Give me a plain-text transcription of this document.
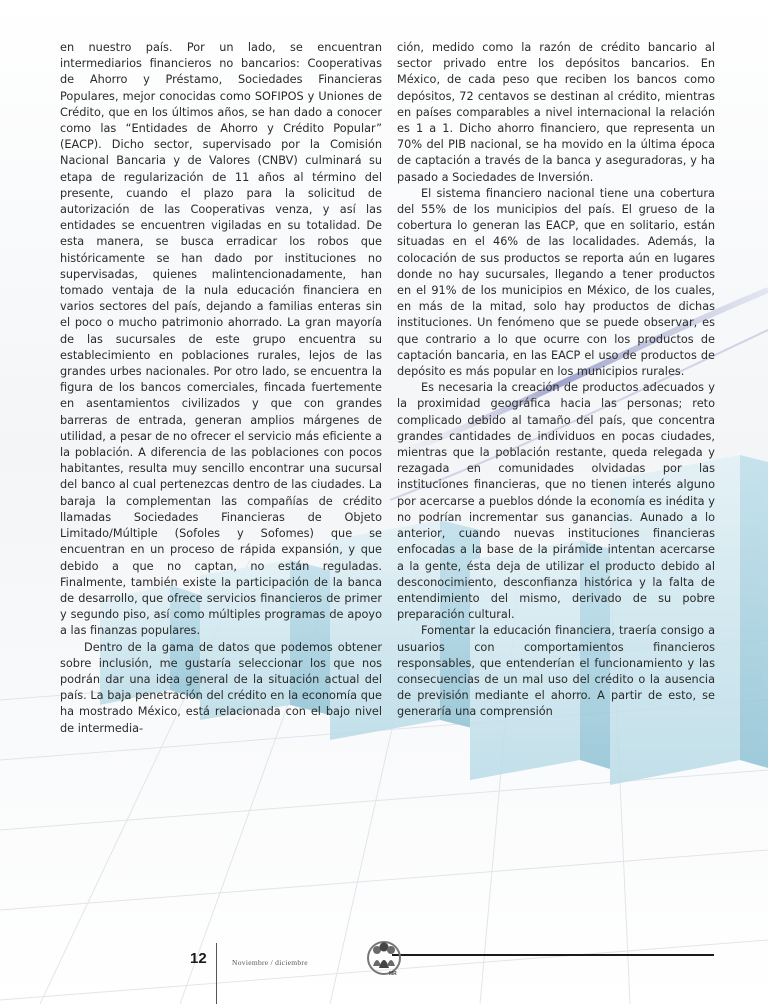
en nuestro país. Por un lado, se encuentran intermediarios financieros no bancarios: Cooperativas de Ahorro y Préstamo, Sociedades Financieras Populares, mejor conocidas como SOFIPOS y Uniones de Crédito, que en los últimos años, se han dado a conocer como las “Entidades de Ahorro y Crédito Popular” (EACP). Dicho sector, supervisado por la Comisión Nacional Bancaria y de Valores (CNBV) culminará su etapa de regularización de 11 años al término del presente, cuando el plazo para la solicitud de autorización de las Cooperativas venza, y así las entidades se encuentren vigiladas en su totalidad. De esta manera, se busca erradicar los robos que históricamente se han dado por instituciones no supervisadas, quienes malintencionadamente, han tomado ventaja de la nula educación financiera en varios sectores del país, dejando a familias enteras sin el poco o mucho patrimonio ahorrado. La gran mayoría de las sucursales de este grupo encuentra su establecimiento en poblaciones rurales, lejos de las grandes urbes nacionales. Por otro lado, se encuentra la figura de los bancos comerciales, fincada fuertemente en asentamientos civilizados y que con grandes barreras de entrada, generan amplios márgenes de utilidad, a pesar de no ofrecer el servicio más eficiente a la población. A diferencia de las poblaciones con pocos habitantes, resulta muy sencillo encontrar una sucursal del banco al cual pertenezcas dentro de las ciudades. La baraja la complementan las compañías de crédito llamadas Sociedades Financieras de Objeto Limitado/Múltiple (Sofoles y Sofomes) que se encuentran en un proceso de rápida expansión, y que debido a que no captan, no están reguladas. Finalmente, también existe la participación de la banca de desarrollo, que ofrece servicios financieros de primer y segundo piso, así como múltiples programas de apoyo a las finanzas populares.

Dentro de la gama de datos que podemos obtener sobre inclusión, me gustaría seleccionar los que nos podrán dar una idea general de la situación actual del país. La baja penetración del crédito en la economía que ha mostrado México, está relacionada con el bajo nivel de intermedia-

ción, medido como la razón de crédito bancario al sector privado entre los depósitos bancarios. En México, de cada peso que reciben los bancos como depósitos, 72 centavos se destinan al crédito, mientras en países comparables a nivel internacional la relación es 1 a 1. Dicho ahorro financiero, que representa un 70% del PIB nacional, se ha movido en la última época de captación a través de la banca y aseguradoras, y ha pasado a Sociedades de Inversión.

El sistema financiero nacional tiene una cobertura del 55% de los municipios del país. El grueso de la cobertura lo generan las EACP, que en solitario, están situadas en el 46% de las localidades. Además, la colocación de sus productos se reporta aún en lugares donde no hay sucursales, llegando a tener productos en el 91% de los municipios en México, de los cuales, en más de la mitad, solo hay productos de dichas instituciones. Un fenómeno que se puede observar, es que contrario a lo que ocurre con los productos de captación bancaria, en las EACP el uso de productos de depósito es más popular en los municipios rurales.

Es necesaria la creación de productos adecuados y la proximidad geográfica hacia las personas; reto complicado debido al tamaño del país, que concentra grandes cantidades de individuos en pocas ciudades, mientras que la población restante, queda relegada y rezagada en comunidades olvidadas por las instituciones financieras, que no tienen interés alguno por acercarse a pueblos dónde la economía es inédita y no podrían incrementar sus ganancias. Aunado a lo anterior, cuando nuevas instituciones financieras enfocadas a la base de la pirámide intentan acercarse a la gente, ésta deja de utilizar el producto debido al desconocimiento, desconfianza histórica y la falta de entendimiento del mismo, derivado de su pobre preparación cultural.

Fomentar la educación financiera, traería consigo a usuarios con comportamientos financieros responsables, que entenderían el funcionamiento y las consecuencias de un mal uso del crédito o la ausencia de previsión mediante el ahorro. A partir de esto, se generaría una comprensión

12	Noviembre / diciembre
MR
